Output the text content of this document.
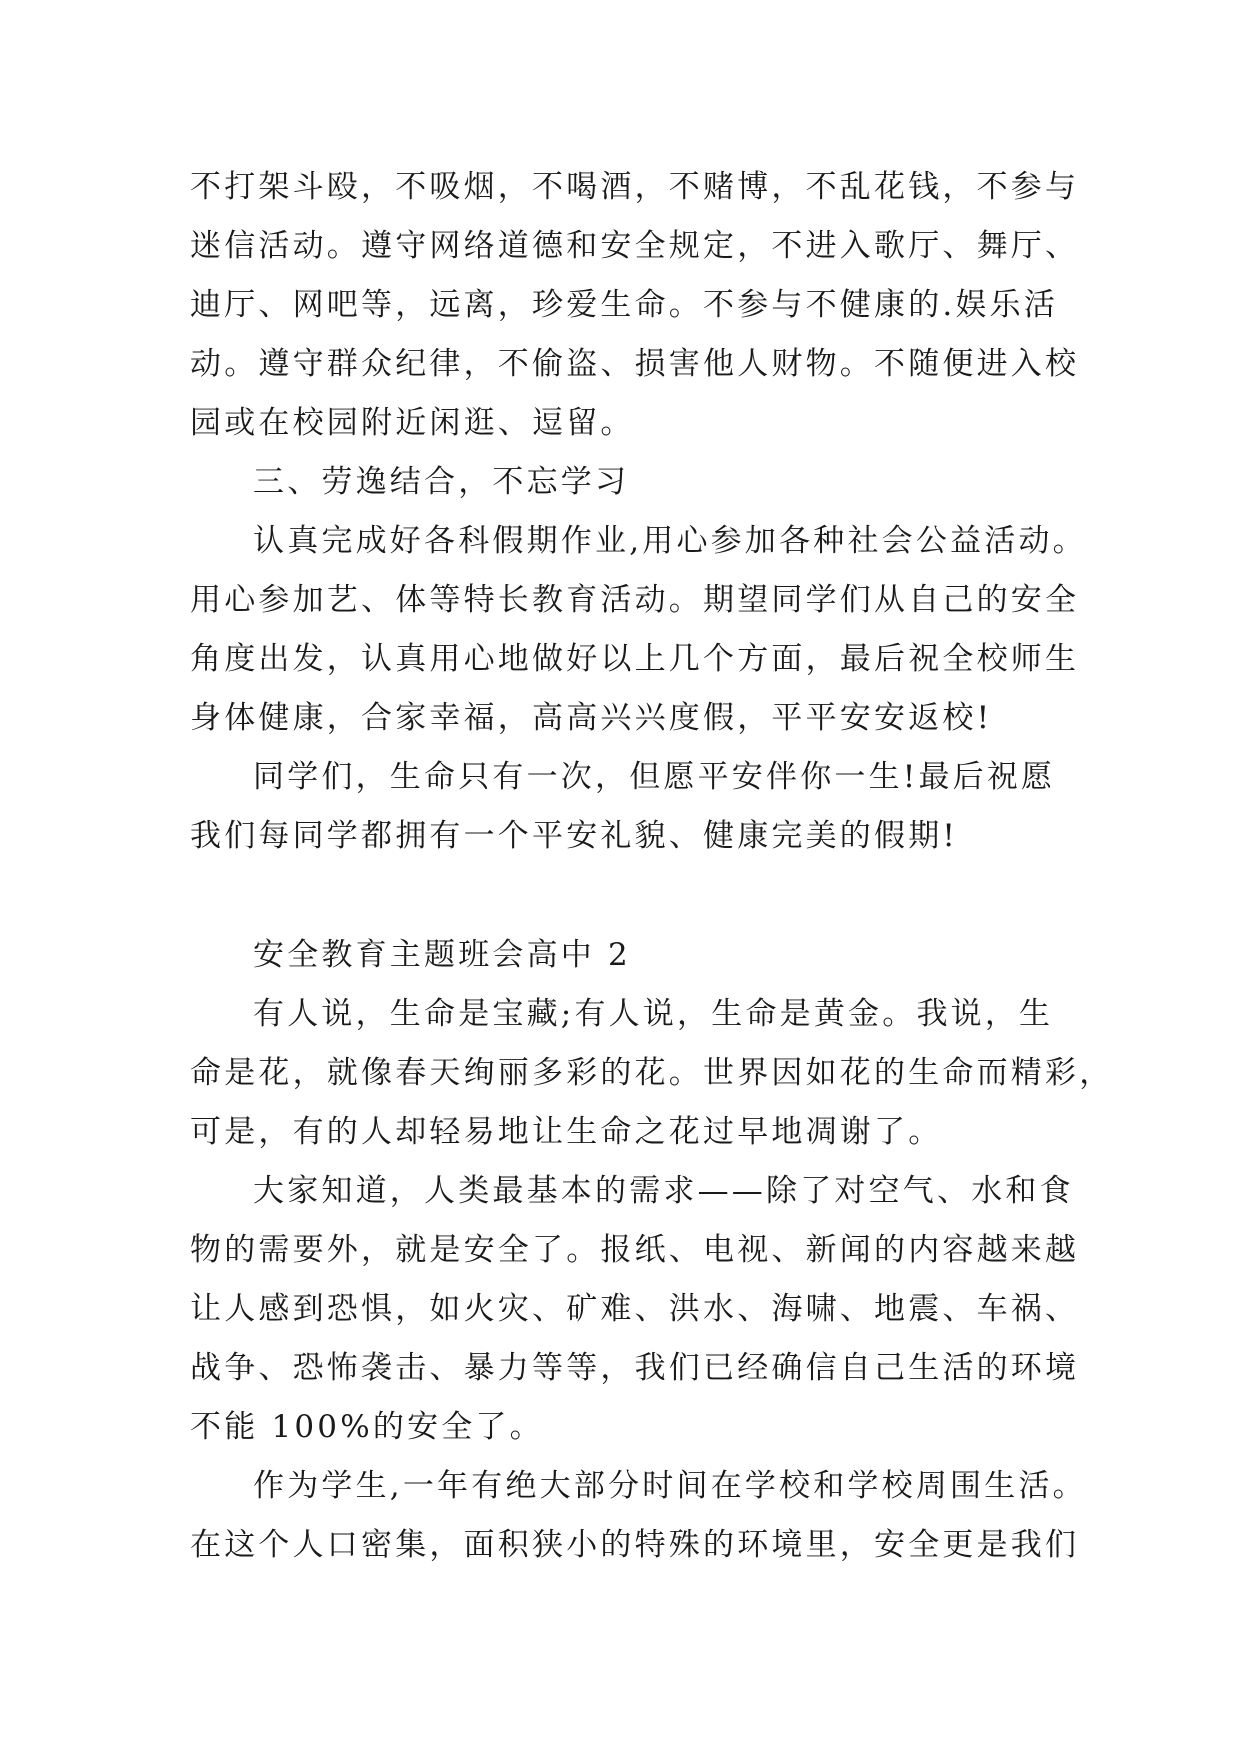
不打架斗殴，不吸烟，不喝酒，不赌博，不乱花钱，不参与
迷信活动。遵守网络道德和安全规定，不进入歌厅、舞厅、
迪厅、网吧等，远离，珍爱生命。不参与不健康的.娱乐活
动。遵守群众纪律，不偷盗、损害他人财物。不随便进入校
园或在校园附近闲逛、逗留。
三、劳逸结合，不忘学习
认真完成好各科假期作业,用心参加各种社会公益活动。
用心参加艺、体等特长教育活动。期望同学们从自己的安全
角度出发，认真用心地做好以上几个方面，最后祝全校师生
身体健康，合家幸福，高高兴兴度假，平平安安返校!
同学们，生命只有一次，但愿平安伴你一生!最后祝愿
我们每同学都拥有一个平安礼貌、健康完美的假期!
安全教育主题班会高中 2
有人说，生命是宝藏;有人说，生命是黄金。我说，生
命是花，就像春天绚丽多彩的花。世界因如花的生命而精彩，
可是，有的人却轻易地让生命之花过早地凋谢了。
大家知道，人类最基本的需求——除了对空气、水和食
物的需要外，就是安全了。报纸、电视、新闻的内容越来越
让人感到恐惧，如火灾、矿难、洪水、海啸、地震、车祸、
战争、恐怖袭击、暴力等等，我们已经确信自己生活的环境
不能 100%的安全了。
作为学生,一年有绝大部分时间在学校和学校周围生活。
在这个人口密集，面积狭小的特殊的环境里，安全更是我们
